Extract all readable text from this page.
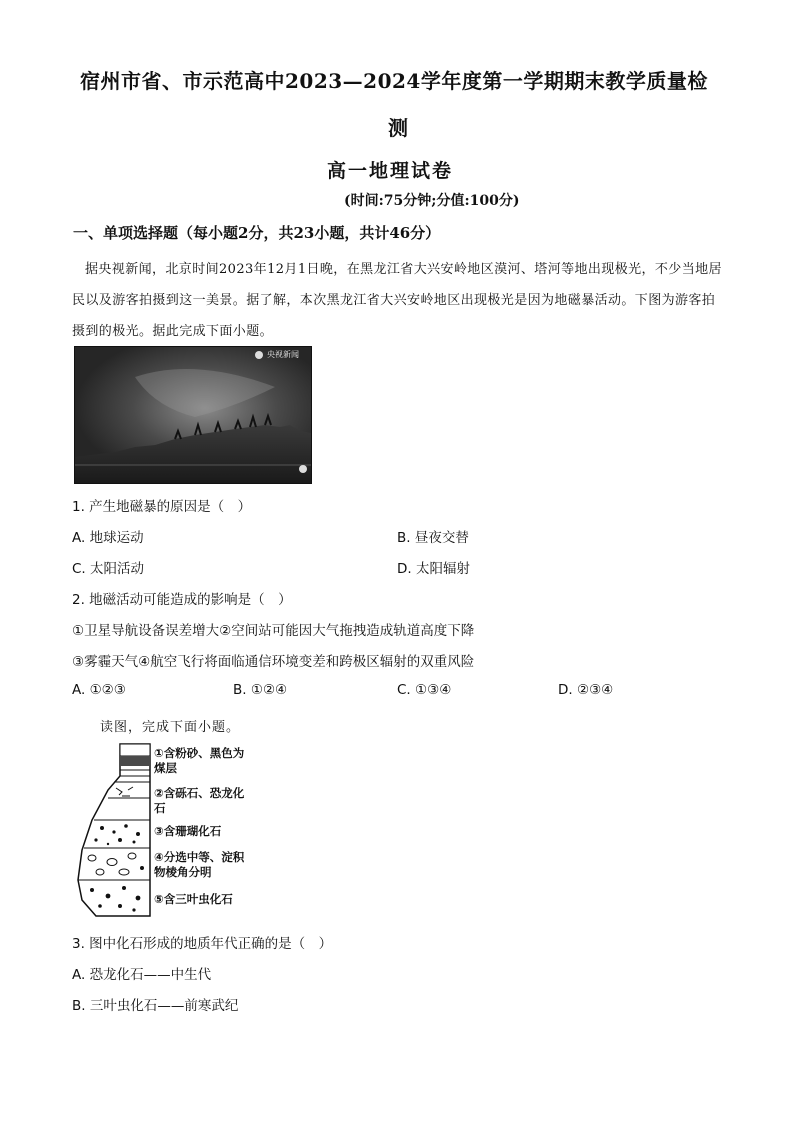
宿州市省、市示范高中2023—2024学年度第一学期期末教学质量检
测
高一地理试卷
(时间:75分钟;分值:100分)
一、单项选择题（每小题2分，共23小题，共计46分）
据央视新闻，北京时间2023年12月1日晚，在黑龙江省大兴安岭地区漠河、塔河等地出现极光，不少当地居民以及游客拍摄到这一美景。据了解，本次黑龙江省大兴安岭地区出现极光是因为地磁暴活动。下图为游客拍摄到的极光。据此完成下面小题。
央视新闻
1. 产生地磁暴的原因是（　）
A. 地球运动	B. 昼夜交替
C. 太阳活动	D. 太阳辐射
2. 地磁活动可能造成的影响是（　）
①卫星导航设备误差增大②空间站可能因大气拖拽造成轨道高度下降
③雾霾天气④航空飞行将面临通信环境变差和跨极区辐射的双重风险
A. ①②③	B. ①②④	C. ①③④	D. ②③④
读图，完成下面小题。
①含粉砂、黑色为煤层
②含砾石、恐龙化石
③含珊瑚化石
④分选中等、淀积物棱角分明
⑤含三叶虫化石
3. 图中化石形成的地质年代正确的是（　）
A. 恐龙化石——中生代
B. 三叶虫化石——前寒武纪
